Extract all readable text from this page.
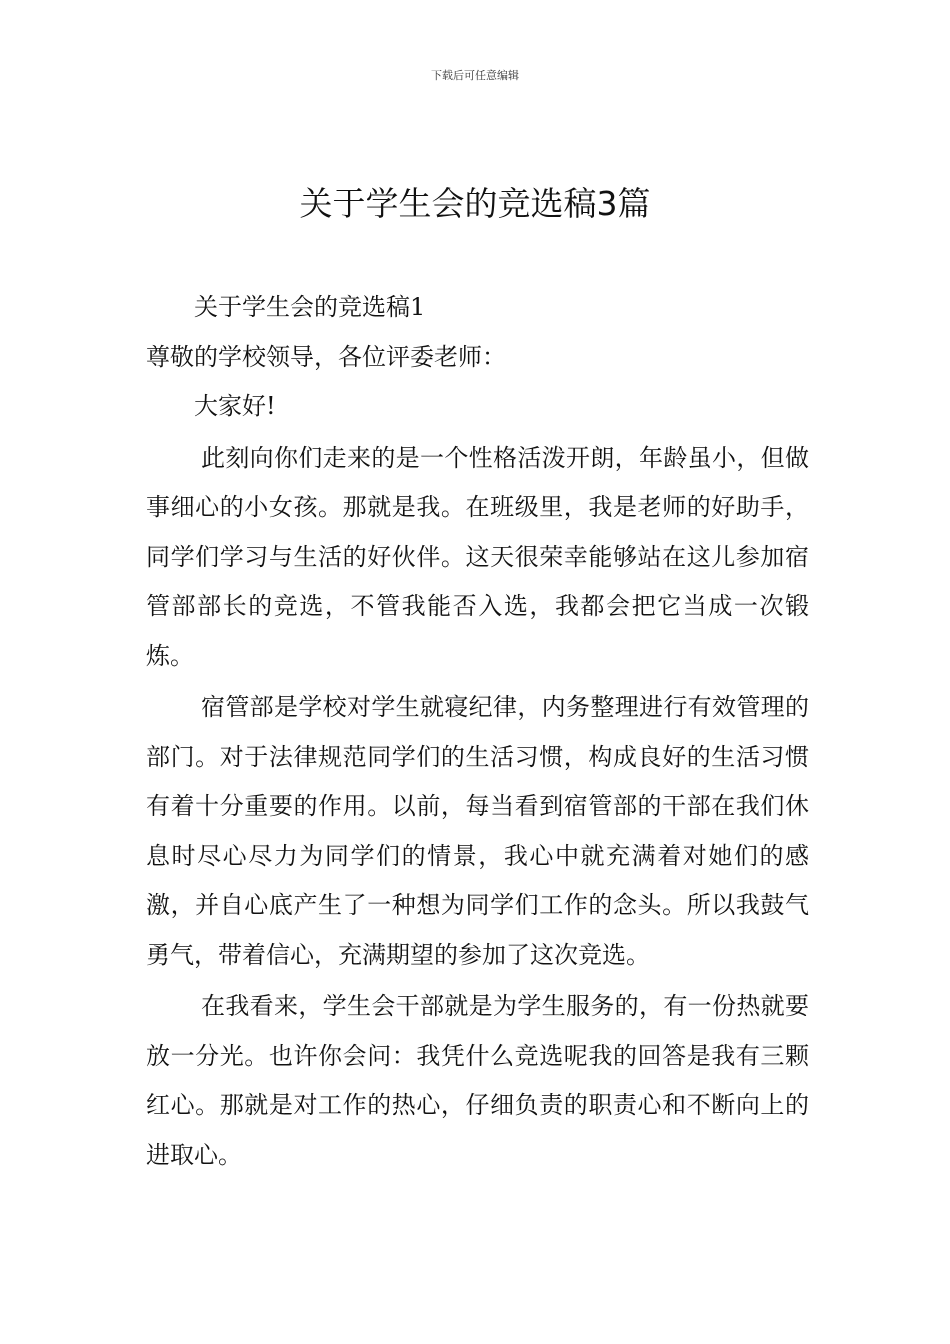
下载后可任意编辑
关于学生会的竞选稿3篇

关于学生会的竞选稿1

尊敬的学校领导，各位评委老师：

大家好!

此刻向你们走来的是一个性格活泼开朗，年龄虽小，但做事细心的小女孩。那就是我。在班级里，我是老师的好助手，同学们学习与生活的好伙伴。这天很荣幸能够站在这儿参加宿管部部长的竞选，不管我能否入选，我都会把它当成一次锻炼。

宿管部是学校对学生就寝纪律，内务整理进行有效管理的部门。对于法律规范同学们的生活习惯，构成良好的生活习惯有着十分重要的作用。以前，每当看到宿管部的干部在我们休息时尽心尽力为同学们的情景，我心中就充满着对她们的感激，并自心底产生了一种想为同学们工作的念头。所以我鼓气勇气，带着信心，充满期望的参加了这次竞选。

在我看来，学生会干部就是为学生服务的，有一份热就要放一分光。也许你会问：我凭什么竞选呢我的回答是我有三颗红心。那就是对工作的热心，仔细负责的职责心和不断向上的进取心。
